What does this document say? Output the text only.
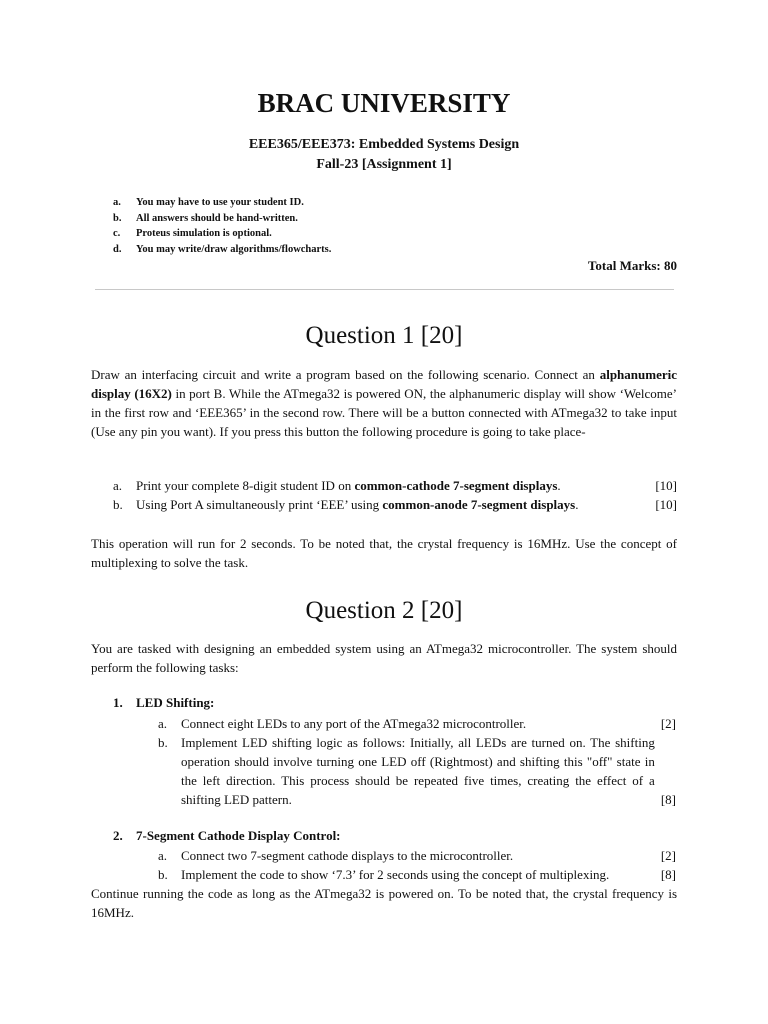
BRAC UNIVERSITY
EEE365/EEE373: Embedded Systems Design
Fall-23 [Assignment 1]
a.	You may have to use your student ID.
b.	All answers should be hand-written.
c.	Proteus simulation is optional.
d.	You may write/draw algorithms/flowcharts.
Total Marks: 80
Question 1 [20]
Draw an interfacing circuit and write a program based on the following scenario. Connect an alphanumeric display (16X2) in port B. While the ATmega32 is powered ON, the alphanumeric display will show ‘Welcome’ in the first row and ‘EEE365’ in the second row. There will be a button connected with ATmega32 to take input (Use any pin you want). If you press this button the following procedure is going to take place-
a.	Print your complete 8-digit student ID on common-cathode 7-segment displays.	[10]
b.	Using Port A simultaneously print ‘EEE’ using common-anode 7-segment displays.	[10]
This operation will run for 2 seconds. To be noted that, the crystal frequency is 16MHz. Use the concept of multiplexing to solve the task.
Question 2 [20]
You are tasked with designing an embedded system using an ATmega32 microcontroller. The system should perform the following tasks:
1.	LED Shifting:
a.	Connect eight LEDs to any port of the ATmega32 microcontroller.	[2]
b.	Implement LED shifting logic as follows: Initially, all LEDs are turned on. The shifting operation should involve turning one LED off (Rightmost) and shifting this "off" state in the left direction. This process should be repeated five times, creating the effect of a shifting LED pattern.	[8]
2.	7-Segment Cathode Display Control:
a.	Connect two 7-segment cathode displays to the microcontroller.	[2]
b.	Implement the code to show ‘7.3’ for 2 seconds using the concept of multiplexing.	[8]
Continue running the code as long as the ATmega32 is powered on. To be noted that, the crystal frequency is 16MHz.
